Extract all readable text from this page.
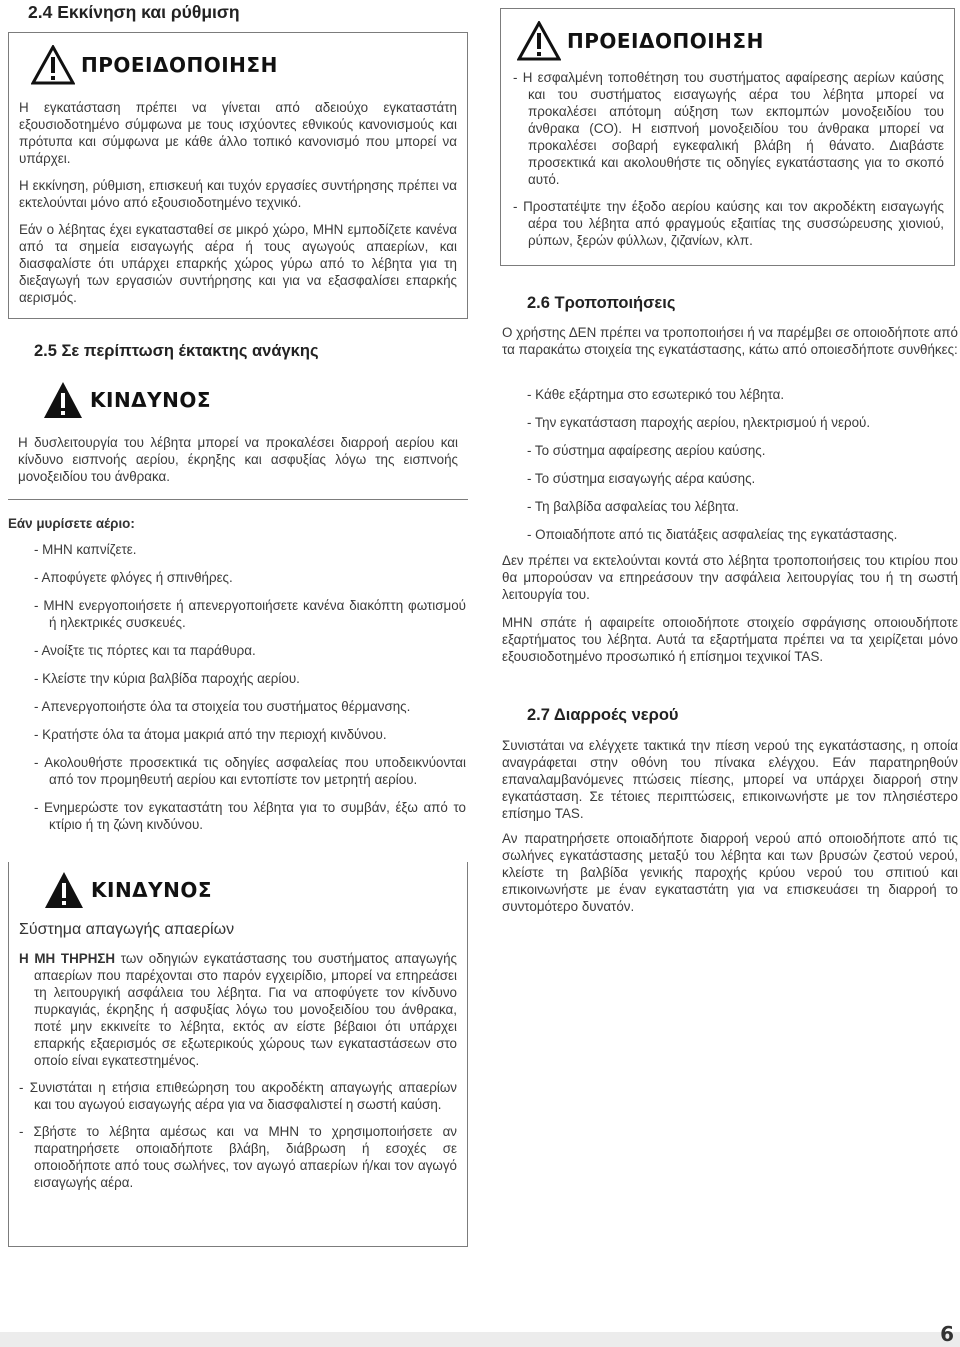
2.4 Εκκίνηση και ρύθμιση
ΠΡΟΕΙΔΟΠΟΙΗΣΗ

Η εγκατάσταση πρέπει να γίνεται από αδειούχο εγκαταστάτη εξουσιοδοτημένο σύμφωνα με τους ισχύοντες εθνικούς κανονισμούς και πρότυπα και σύμφωνα με κάθε άλλο τοπικό κανονισμό που μπορεί να υπάρχει.

Η εκκίνηση, ρύθμιση, επισκευή και τυχόν εργασίες συντήρησης πρέπει να εκτελούνται μόνο από εξουσιοδοτημένο τεχνικό.

Εάν ο λέβητας έχει εγκατασταθεί σε μικρό χώρο, ΜΗΝ εμποδίζετε κανένα από τα σημεία εισαγωγής αέρα ή τους αγωγούς απαερίων, και διασφαλίστε ότι υπάρχει επαρκής χώρος γύρω από το λέβητα για τη διεξαγωγή των εργασιών συντήρησης και για να εξασφαλίσει επαρκής αερισμός.

2.5 Σε περίπτωση έκτακτης ανάγκης
ΚΙΝΔΥΝΟΣ

Η δυσλειτουργία του λέβητα μπορεί να προκαλέσει διαρροή αερίου και κίνδυνο εισπνοής αερίου, έκρηξης και ασφυξίας λόγω της εισπνοής μονοξειδίου του άνθρακα.

Εάν μυρίσετε αέριο:
- ΜΗΝ καπνίζετε.
- Αποφύγετε φλόγες ή σπινθήρες.
- ΜΗΝ ενεργοποιήσετε ή απενεργοποιήσετε κανένα διακόπτη φωτισμού ή ηλεκτρικές συσκευές.
- Ανοίξτε τις πόρτες και τα παράθυρα.
- Κλείστε την κύρια βαλβίδα παροχής αερίου.
- Απενεργοποιήστε όλα τα στοιχεία του συστήματος θέρμανσης.
- Κρατήστε όλα τα άτομα μακριά από την περιοχή κινδύνου.
- Ακολουθήστε προσεκτικά τις οδηγίες ασφαλείας που υποδεικνύονται από τον προμηθευτή αερίου και εντοπίστε τον μετρητή αερίου.
- Ενημερώστε τον εγκαταστάτη του λέβητα για το συμβάν, έξω από το κτίριο ή τη ζώνη κινδύνου.
ΚΙΝΔΥΝΟΣ
Σύστημα απαγωγής απαερίων
Η ΜΗ ΤΗΡΗΣΗ των οδηγιών εγκατάστασης του συστήματος απαγωγής απαερίων που παρέχονται στο παρόν εγχειρίδιο, μπορεί να επηρεάσει τη λειτουργική ασφάλεια του λέβητα. Για να αποφύγετε τον κίνδυνο πυρκαγιάς, έκρηξης ή ασφυξίας λόγω του μονοξειδίου του άνθρακα, ποτέ μην εκκινείτε το λέβητα, εκτός αν είστε βέβαιοι ότι υπάρχει επαρκής εξαερισμός σε εξωτερικούς χώρους των εγκαταστάσεων στο οποίο είναι εγκατεστημένος.
- Συνιστάται η ετήσια επιθεώρηση του ακροδέκτη απαγωγής απαερίων και του αγωγού εισαγωγής αέρα για να διασφαλιστεί η σωστή καύση.
- Σβήστε το λέβητα αμέσως και να ΜΗΝ το χρησιμοποιήσετε αν παρατηρήσετε οποιαδήποτε βλάβη, διάβρωση ή εσοχές σε οποιοδήποτε από τους σωλήνες, τον αγωγό απαερίων ή/και τον αγωγό εισαγωγής αέρα.
ΠΡΟΕΙΔΟΠΟΙΗΣΗ
- Η εσφαλμένη τοποθέτηση του συστήματος αφαίρεσης αερίων καύσης και του συστήματος εισαγωγής αέρα του λέβητα μπορεί να προκαλέσει απότομη αύξηση των εκπομπών μονοξειδίου του άνθρακα (CO). Η εισπνοή μονοξειδίου του άνθρακα μπορεί να προκαλέσει σοβαρή εγκεφαλική βλάβη ή θάνατο. Διαβάστε προσεκτικά και ακολουθήστε τις οδηγίες εγκατάστασης για το σκοπό αυτό.
- Προστατέψτε την έξοδο αερίου καύσης και τον ακροδέκτη εισαγωγής αέρα του λέβητα από φραγμούς εξαιτίας της συσσώρευσης χιονιού, ρύπων, ξερών φύλλων, ζιζανίων, κλπ.
2.6 Τροποποιήσεις

Ο χρήστης ΔΕΝ πρέπει να τροποποιήσει ή να παρέμβει σε οποιοδήποτε από τα παρακάτω στοιχεία της εγκατάστασης, κάτω από οποιεσδήποτε συνθήκες:

- Κάθε εξάρτημα στο εσωτερικό του λέβητα.
- Την εγκατάσταση παροχής αερίου, ηλεκτρισμού ή νερού.
- Το σύστημα αφαίρεσης αερίου καύσης.
- Το σύστημα εισαγωγής αέρα καύσης.
- Τη βαλβίδα ασφαλείας του λέβητα.
- Οποιαδήποτε από τις διατάξεις ασφαλείας της εγκατάστασης.

Δεν πρέπει να εκτελούνται κοντά στο λέβητα τροποποιήσεις του κτιρίου που θα μπορούσαν να επηρεάσουν την ασφάλεια λειτουργίας του ή τη σωστή λειτουργία του.

ΜΗΝ σπάτε ή αφαιρείτε οποιοδήποτε στοιχείο σφράγισης οποιουδήποτε εξαρτήματος του λέβητα. Αυτά τα εξαρτήματα πρέπει να τα χειρίζεται μόνο εξουσιοδοτημένο προσωπικό ή επίσημοι τεχνικοί TAS.

2.7 Διαρροές νερού

Συνιστάται να ελέγχετε τακτικά την πίεση νερού της εγκατάστασης, η οποία αναγράφεται στην οθόνη του πίνακα ελέγχου. Εάν παρατηρηθούν επαναλαμβανόμενες πτώσεις πίεσης, μπορεί να υπάρχει διαρροή στην εγκατάσταση. Σε τέτοιες περιπτώσεις, επικοινωνήστε με τον πλησιέστερο επίσημο TAS.

Αν παρατηρήσετε οποιαδήποτε διαρροή νερού από οποιοδήποτε από τις σωλήνες εγκατάστασης μεταξύ του λέβητα και των βρυσών ζεστού νερού, κλείστε τη βαλβίδα γενικής παροχής κρύου νερού του σπιτιού και επικοινωνήστε με έναν εγκαταστάτη για να επισκευάσει τη διαρροή το συντομότερο δυνατόν.

6
